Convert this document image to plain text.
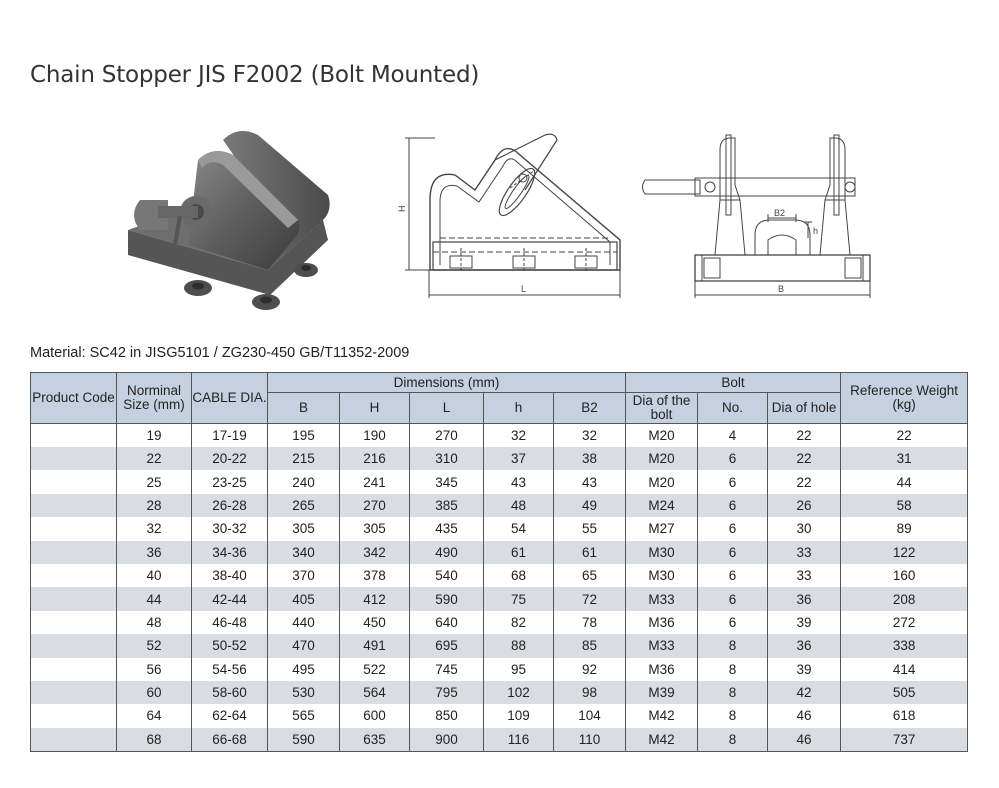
Chain Stopper JIS F2002 (Bolt Mounted)
H
L
B2
h
B
Material: SC42 in JISG5101 / ZG230-450 GB/T11352-2009
Product Code	Norminal Size (mm)	CABLE DIA.	Dimensions (mm)					Bolt			Reference Weight (kg)
			B	H	L	h	B2	Dia of the bolt	No.	Dia of hole	
	19	17-19	195	190	270	32	32	M20	4	22	22
	22	20-22	215	216	310	37	38	M20	6	22	31
	25	23-25	240	241	345	43	43	M20	6	22	44
	28	26-28	265	270	385	48	49	M24	6	26	58
	32	30-32	305	305	435	54	55	M27	6	30	89
	36	34-36	340	342	490	61	61	M30	6	33	122
	40	38-40	370	378	540	68	65	M30	6	33	160
	44	42-44	405	412	590	75	72	M33	6	36	208
	48	46-48	440	450	640	82	78	M36	6	39	272
	52	50-52	470	491	695	88	85	M33	8	36	338
	56	54-56	495	522	745	95	92	M36	8	39	414
	60	58-60	530	564	795	102	98	M39	8	42	505
	64	62-64	565	600	850	109	104	M42	8	46	618
	68	66-68	590	635	900	116	110	M42	8	46	737
